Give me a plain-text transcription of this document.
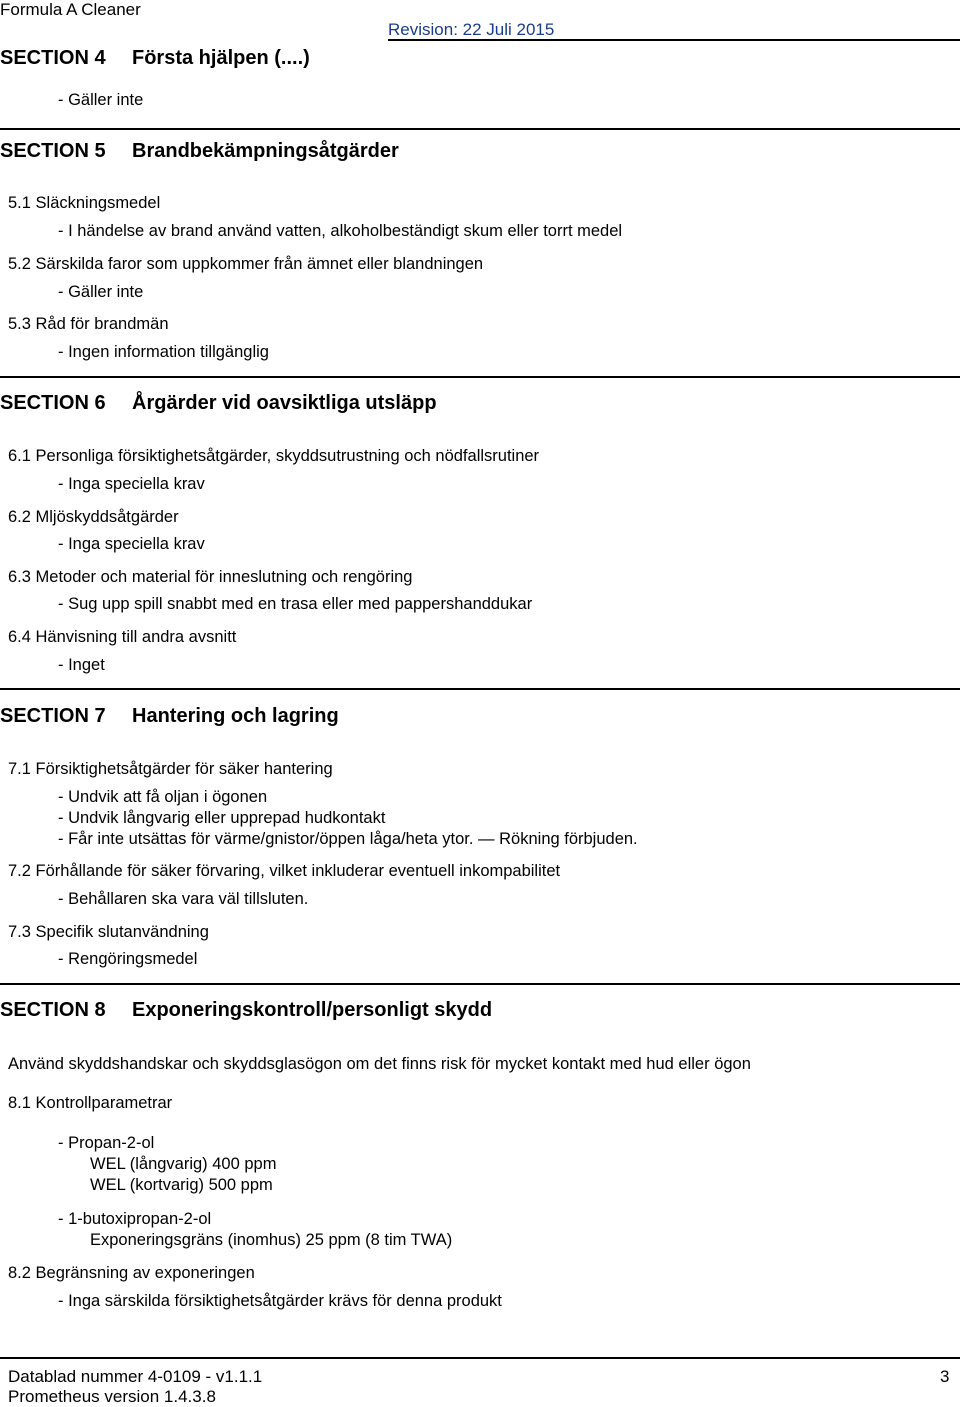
Formula A Cleaner
Revision: 22 Juli 2015
SECTION 4 Första hjälpen (....)
- Gäller inte
SECTION 5 Brandbekämpningsåtgärder
5.1 Släckningsmedel
- I händelse av brand använd vatten, alkoholbeständigt skum eller torrt medel
5.2 Särskilda faror som uppkommer från ämnet eller blandningen
- Gäller inte
5.3 Råd för brandmän
- Ingen information tillgänglig
SECTION 6 Årgärder vid oavsiktliga utsläpp
6.1 Personliga försiktighetsåtgärder, skyddsutrustning och nödfallsrutiner
- Inga speciella krav
6.2 Mljöskyddsåtgärder
- Inga speciella krav
6.3 Metoder och material för inneslutning och rengöring
- Sug upp spill snabbt med en trasa eller med pappershanddukar
6.4 Hänvisning till andra avsnitt
- Inget
SECTION 7 Hantering och lagring
7.1 Försiktighetsåtgärder för säker hantering
- Undvik att få oljan i ögonen
- Undvik långvarig eller upprepad hudkontakt
- Får inte utsättas för värme/gnistor/öppen låga/heta ytor. — Rökning förbjuden.
7.2 Förhållande för säker förvaring, vilket inkluderar eventuell inkompabilitet
- Behållaren ska vara väl tillsluten.
7.3 Specifik slutanvändning
- Rengöringsmedel
SECTION 8 Exponeringskontroll/personligt skydd
Använd skyddshandskar och skyddsglasögon om det finns risk för mycket kontakt med hud eller ögon
8.1 Kontrollparametrar
- Propan-2-ol
WEL (långvarig) 400 ppm
WEL (kortvarig) 500 ppm
- 1-butoxipropan-2-ol
Exponeringsgräns (inomhus) 25 ppm (8 tim TWA)
8.2 Begränsning av exponeringen
- Inga särskilda försiktighetsåtgärder krävs för denna produkt
Datablad nummer 4-0109 - v1.1.1
Prometheus version 1.4.3.8
3
